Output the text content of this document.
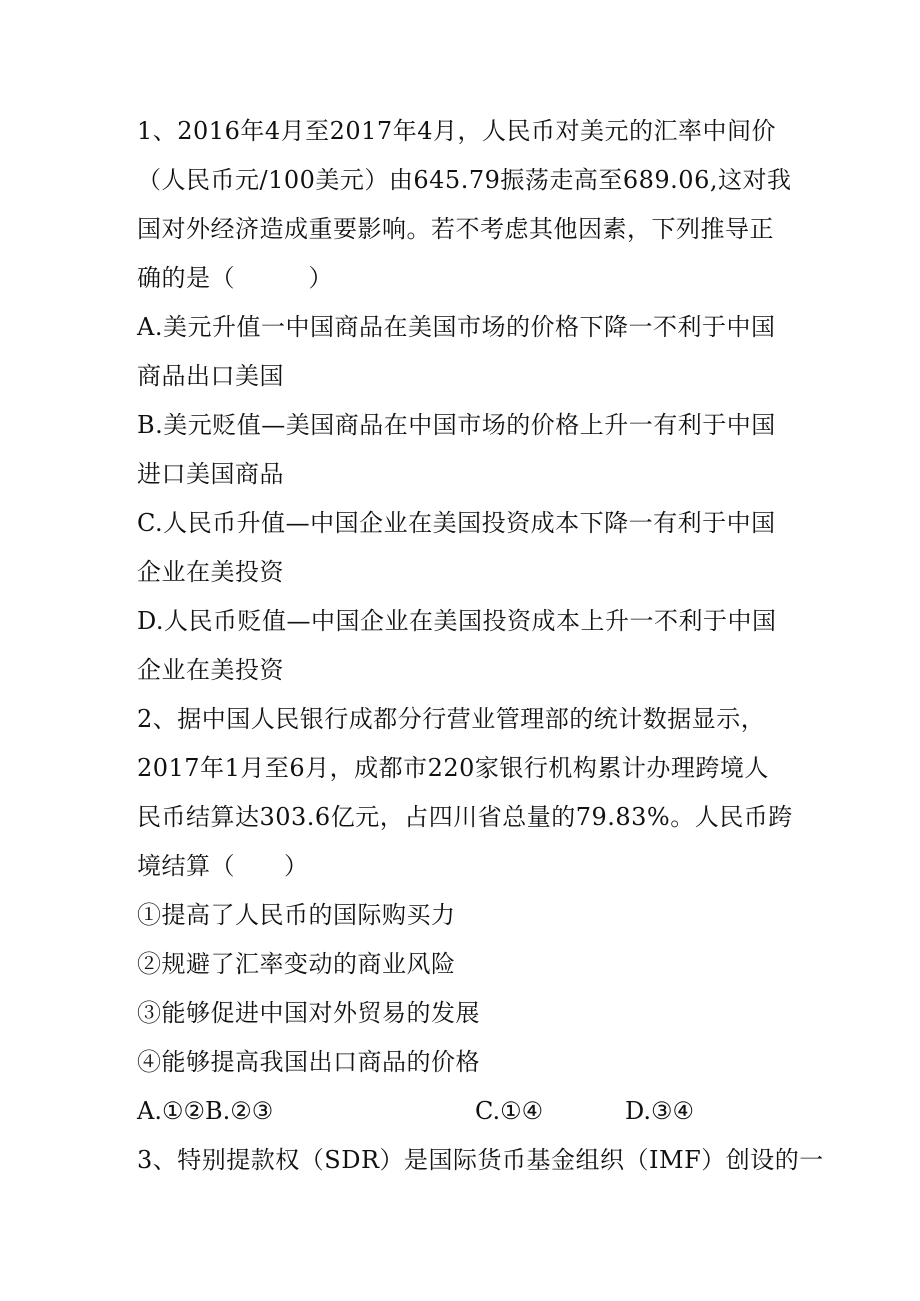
1、2016年4月至2017年4月，人民币对美元的汇率中间价
（人民币元/100美元）由645.79振荡走高至689.06,这对我
国对外经济造成重要影响。若不考虑其他因素，下列推导正
确的是（　　　）
A.美元升值一中国商品在美国市场的价格下降一不利于中国
商品出口美国
B.美元贬值—美国商品在中国市场的价格上升一有利于中国
进口美国商品
C.人民币升值—中国企业在美国投资成本下降一有利于中国
企业在美投资
D.人民币贬值—中国企业在美国投资成本上升一不利于中国
企业在美投资
2、据中国人民银行成都分行营业管理部的统计数据显示，
2017年1月至6月，成都市220家银行机构累计办理跨境人
民币结算达303.6亿元，占四川省总量的79.83%。人民币跨
境结算（　　）
①提高了人民币的国际购买力
②规避了汇率变动的商业风险
③能够促进中国对外贸易的发展
④能够提高我国出口商品的价格
A.①②B.②③	C.①④	D.③④
3、特别提款权（SDR）是国际货币基金组织（IMF）创设的一
